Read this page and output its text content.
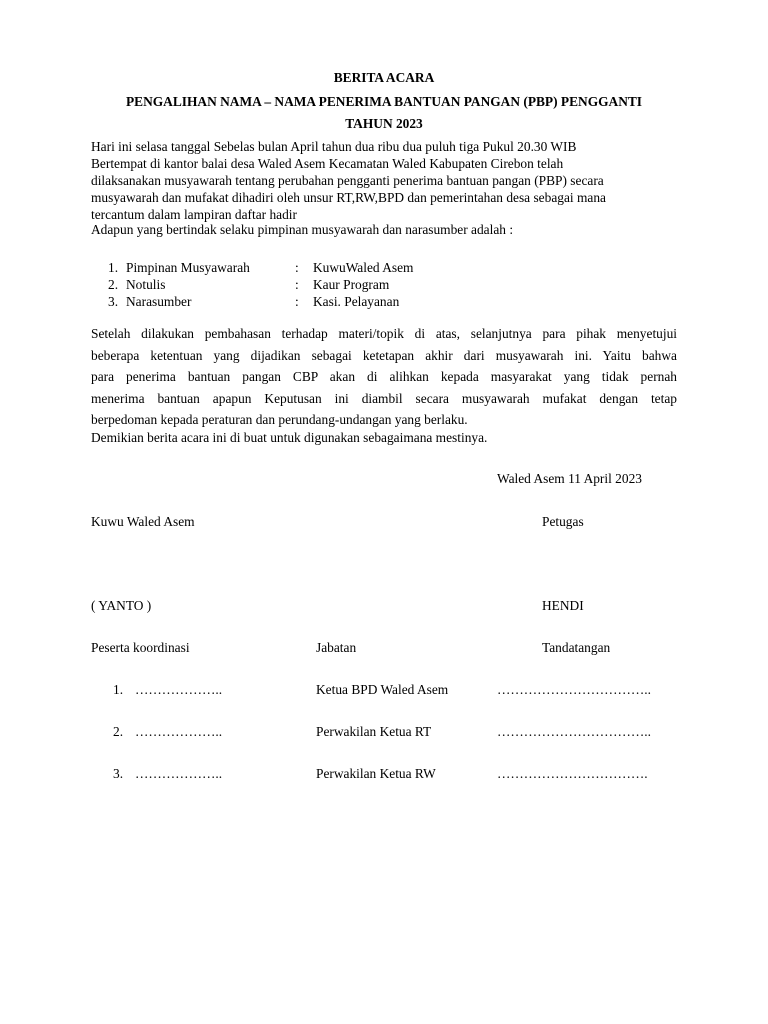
BERITA ACARA
PENGALIHAN NAMA – NAMA PENERIMA BANTUAN PANGAN (PBP) PENGGANTI
TAHUN 2023
Hari ini selasa tanggal Sebelas bulan April tahun dua ribu dua puluh tiga Pukul 20.30 WIB
Bertempat di kantor balai desa Waled Asem Kecamatan Waled Kabupaten Cirebon telah
dilaksanakan musyawarah tentang perubahan pengganti penerima bantuan pangan (PBP) secara
musyawarah dan mufakat dihadiri oleh unsur RT,RW,BPD dan pemerintahan desa sebagai mana
tercantum dalam lampiran daftar hadir
Adapun yang bertindak selaku pimpinan musyawarah dan narasumber adalah :
1. Pimpinan Musyawarah	: KuwuWaled Asem
2. Notulis	: Kaur Program
3. Narasumber	: Kasi. Pelayanan
Setelah dilakukan pembahasan terhadap materi/topik di atas, selanjutnya para pihak menyetujui
beberapa ketentuan yang dijadikan sebagai ketetapan akhir dari musyawarah ini. Yaitu bahwa
para penerima bantuan pangan CBP akan di alihkan kepada masyarakat yang tidak pernah
menerima bantuan apapun Keputusan ini diambil secara musyawarah mufakat dengan tetap
berpedoman kepada peraturan dan perundang-undangan yang berlaku.
Demikian berita acara ini di buat untuk digunakan sebagaimana mestinya.
Waled Asem 11 April 2023
Kuwu Waled Asem	Petugas
( YANTO )	HENDI
Peserta koordinasi	Jabatan	Tandatangan
1. ………………..	Ketua BPD Waled Asem	……………………………..
2. ………………..	Perwakilan Ketua RT	……………………………..
3. ………………..	Perwakilan Ketua RW	…………………………….
